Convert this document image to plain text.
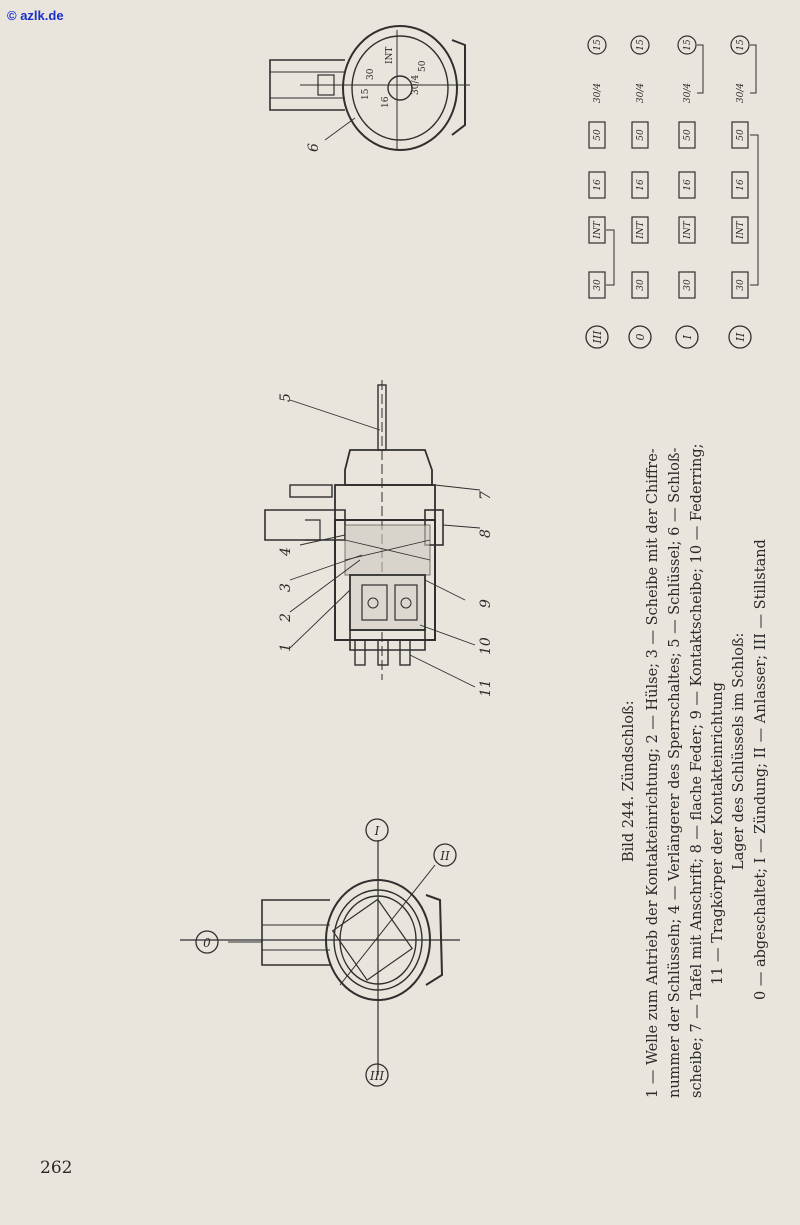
© azlk.de
0
I
II
III
5
4
3
2
1
7
8
9
10
11
6
30
INT
15
16
30/4
50
III
30
INT
16
50
30/4
15
0
30
INT
16
50
30/4
15
I
30
INT
16
50
30/4
15
II
30
INT
16
50
30/4
15
Bild 244. Zündschloß: 1 — Welle zum Antrieb der Kontakteinrichtung; 2 — Hülse; 3 — Scheibe mit der Chiffre- nummer der Schlüsseln; 4 — Verlängerer des Sperrschaltes; 5 — Schlüssel; 6 — Schloß- scheibe; 7 — Tafel mit Anschrift; 8 — flache Feder; 9 — Kontaktscheibe; 10 — Federring; 11 — Tragkörper der Kontakteinrichtung Lager des Schlüssels im Schloß: 0 — abgeschaltet; I — Zündung; II — Anlasser; III — Stillstand
262
